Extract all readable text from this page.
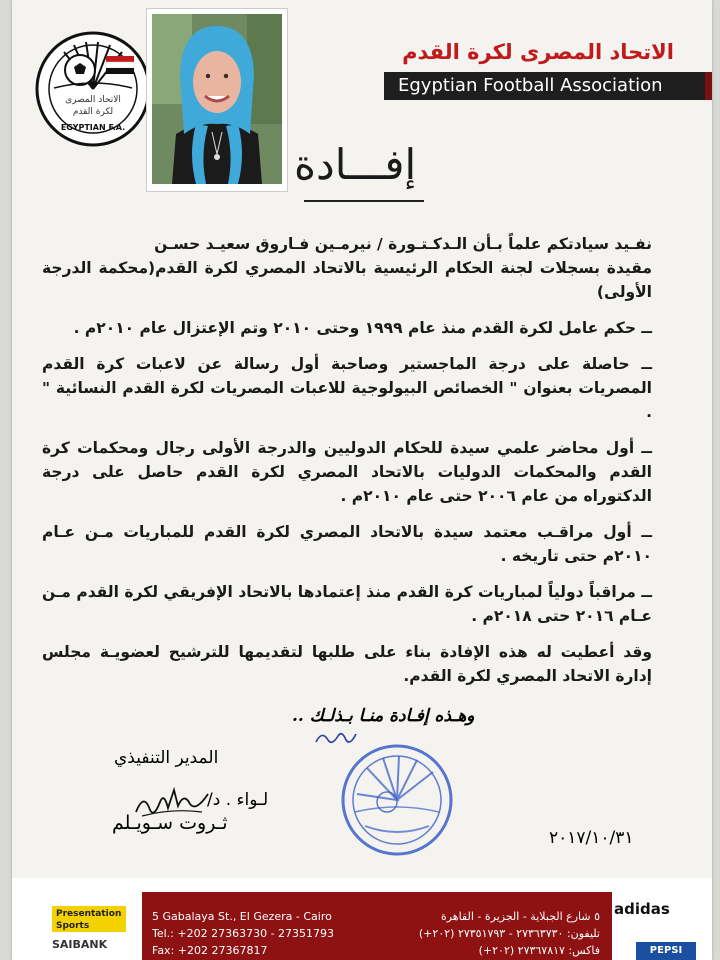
الاتحاد المصرى
لكرة القدم
EGYPTIAN F.A.
الاتحاد المصرى لكرة القدم
Egyptian Football Association
إفـــادة

نفـيد سيادتكم علماً بـأن الـدكـتـورة / نيرمـين فـاروق سعيـد حسـن

مقيدة بسجلات لجنة الحكام الرئيسية بالاتحاد المصري لكرة القدم(محكمة الدرجة الأولى)

ــ حكم عامل لكرة القدم منذ عام ١٩٩٩ وحتى ٢٠١٠ وتم الإعتزال عام ٢٠١٠م .

ــ حاصلة على درجة الماجستير وصاحبة أول رسالة عن لاعبات كرة القدم المصريات بعنوان " الخصائص البيولوجية للاعبات المصريات لكرة القدم النسائية " .

ــ أول محاضر علمي سيدة للحكام الدوليين والدرجة الأولى رجال ومحكمات كرة القدم والمحكمات الدوليات بالاتحاد المصري لكرة القدم حاصل على درجة الدكتوراه من عام ٢٠٠٦ حتى عام ٢٠١٠م .

ــ أول مراقـب معتمد سيدة بالاتحاد المصري لكرة القدم للمباريات مـن عـام ٢٠١٠م حتى تاريخه .

ــ مراقباً دولياً لمباريات كرة القدم منذ إعتمادها بالاتحاد الإفريقي لكرة القدم مـن عـام ٢٠١٦ حتى ٢٠١٨م .

وقد أعطيت له هذه الإفادة بناء على طلبها لتقديمها للترشيح لعضويـة مجلس إدارة الاتحاد المصري لكرة القدم.

وهـذه إفـادة منـا بـذلـك ..
المدير التنفيذي
لـواء . د/
ثـروت سـويـلم
٢٠١٧/١٠/٣١
Presentation Sports
SAIBANK
5 Gabalaya St., El Gezera - Cairo
Tel.: +202 27363730 - 27351793
Fax: +202 27367817
٥ شارع الجبلاية - الجزيرة - القاهرة
تليفون: ٢٧٣٦٣٧٣٠ - ٢٧٣٥١٧٩٣ (٢٠٢+)
فاكس: ٢٧٣٦٧٨١٧ (٢٠٢+)
adidas
PEPSI
